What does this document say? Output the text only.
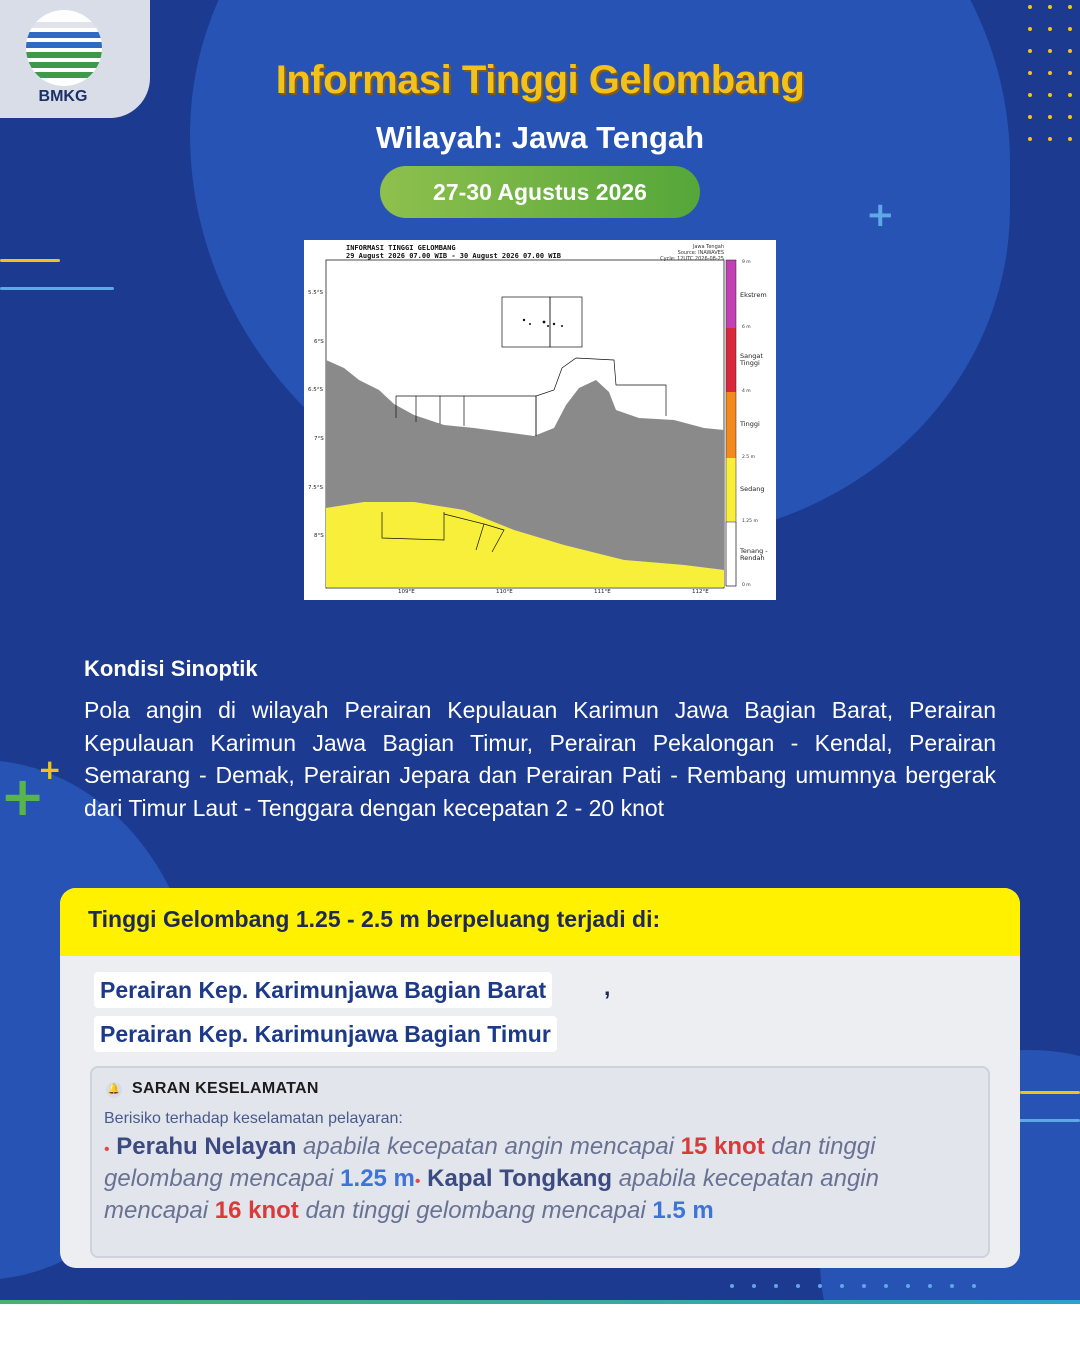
+
+
+
BMKG	Informasi Tinggi Gelombang
Wilayah: Jawa Tengah
27-30 Agustus 2026
INFORMASI TINGGI GELOMBANG
29 August 2026 07.00 WIB - 30 August 2026 07.00 WIB
Jawa Tengah
Source: INAWAVES
Cycle: 12UTC 2026-08-25
5.5°S
6°S
6.5°S
7°S
7.5°S
8°S
109°E	110°E	111°E	112°E
9 m
6 m
4 m
2.5 m
1.25 m
0 m
Ekstrem
Sangat Tinggi
Tinggi
Sedang
Tenang - Rendah
Kondisi Sinoptik
Pola angin di wilayah Perairan Kepulauan Karimun Jawa Bagian Barat, Perairan Kepulauan Karimun Jawa Bagian Timur, Perairan Pekalongan - Kendal, Perairan Semarang - Demak, Perairan Jepara dan Perairan Pati - Rembang umumnya bergerak dari Timur Laut - Tenggara dengan kecepatan 2 - 20 knot
Tinggi Gelombang 1.25 - 2.5 m berpeluang terjadi di:
Perairan Kep. Karimunjawa Bagian Barat	,
Perairan Kep. Karimunjawa Bagian Timur
🔔 SARAN KESELAMATAN
Berisiko terhadap keselamatan pelayaran:
• Perahu Nelayan apabila kecepatan angin mencapai 15 knot dan tinggi gelombang mencapai 1.25 m• Kapal Tongkang apabila kecepatan angin mencapai 16 knot dan tinggi gelombang mencapai 1.5 m
